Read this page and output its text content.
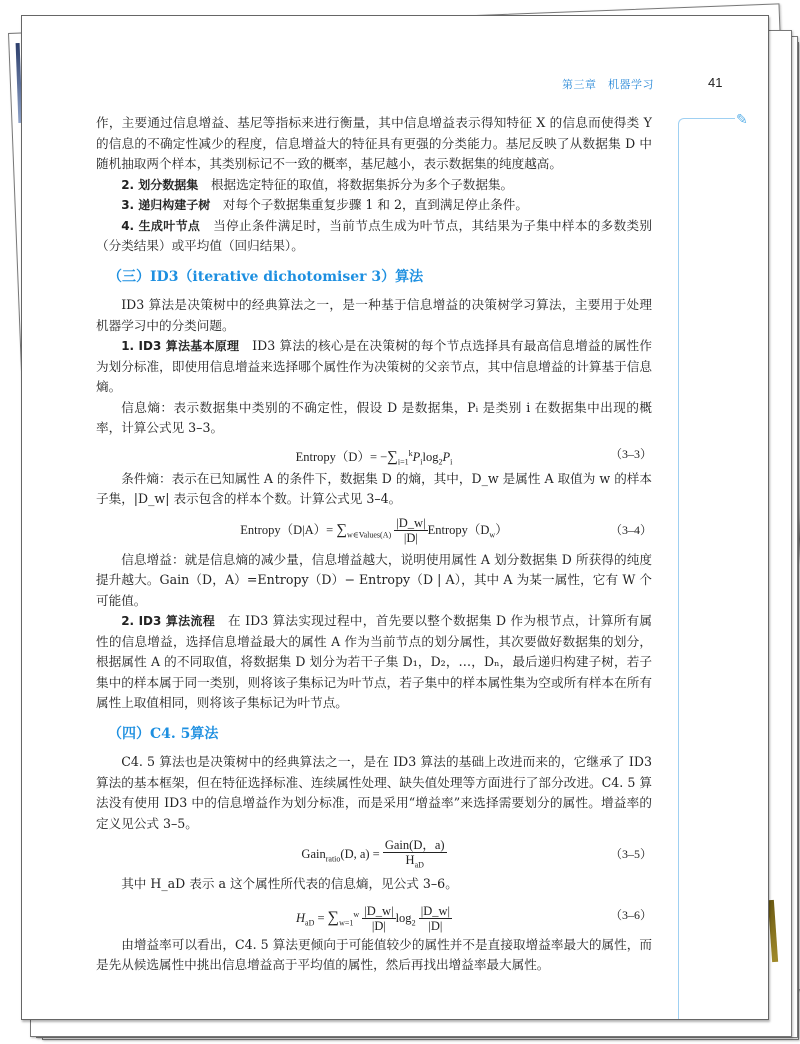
第三章　机器学习	41
✎

作，主要通过信息增益、基尼等指标来进行衡量，其中信息增益表示得知特征 X 的信息而使得类 Y 的信息的不确定性减少的程度，信息增益大的特征具有更强的分类能力。基尼反映了从数据集 D 中随机抽取两个样本，其类别标记不一致的概率，基尼越小，表示数据集的纯度越高。

2. 划分数据集　根据选定特征的取值，将数据集拆分为多个子数据集。

3. 递归构建子树　对每个子数据集重复步骤 1 和 2，直到满足停止条件。

4. 生成叶节点　当停止条件满足时，当前节点生成为叶节点，其结果为子集中样本的多数类别（分类结果）或平均值（回归结果）。

（三）ID3（iterative dichotomiser 3）算法

ID3 算法是决策树中的经典算法之一，是一种基于信息增益的决策树学习算法，主要用于处理机器学习中的分类问题。

1. ID3 算法基本原理　ID3 算法的核心是在决策树的每个节点选择具有最高信息增益的属性作为划分标准，即使用信息增益来选择哪个属性作为决策树的父亲节点，其中信息增益的计算基于信息熵。

信息熵：表示数据集中类别的不确定性，假设 D 是数据集，Pᵢ 是类别 i 在数据集中出现的概率，计算公式见 3–3。

Entropy（D）= $-\sum_{i=1}^kP_i\log_2P_i$
（3–3）

条件熵：表示在已知属性 A 的条件下，数据集 D 的熵，其中，D_w 是属性 A 取值为 w 的样本子集，|D_w| 表示包含的样本个数。计算公式见 3–4。

Entropy（D|A）= $\sum_{w\in Values(A)} \frac{|D\_w|}{|D|}$ $Entropy(D_w)$	（3–4）

信息增益：就是信息熵的减少量，信息增益越大，说明使用属性 A 划分数据集 D 所获得的纯度提升越大。Gain（D，A）=Entropy（D）− Entropy（D | A），其中 A 为某一属性，它有 W 个可能值。

2. ID3 算法流程　在 ID3 算法实现过程中，首先要以整个数据集 D 作为根节点，计算所有属性的信息增益，选择信息增益最大的属性 A 作为当前节点的划分属性，其次要做好数据集的划分，根据属性 A 的不同取值，将数据集 D 划分为若干子集 D₁，D₂，…，Dₙ，最后递归构建子树，若子集中的样本属于同一类别，则将该子集标记为叶节点，若子集中的样本属性集为空或所有样本在所有属性上取值相同，则将该子集标记为叶节点。

（四）C4. 5算法

C4. 5 算法也是决策树中的经典算法之一，是在 ID3 算法的基础上改进而来的，它继承了 ID3 算法的基本框架，但在特征选择标准、连续属性处理、缺失值处理等方面进行了部分改进。C4. 5 算法没有使用 ID3 中的信息增益作为划分标准，而是采用“增益率”来选择需要划分的属性。增益率的定义见公式 3–5。

Gain$_{ratio}$(D, $a) = \frac{\text{Gain(D，a)}}{H_{aD}}$	（3–5）

其中 H_aD 表示 a 这个属性所代表的信息熵，见公式 3–6。

$H_{aD} = \sum_{w=1}^w \frac{|D\_w|}{|D|} \log_2 \frac{|D\_w|}{|D|}$	（3–6）

由增益率可以看出，C4. 5 算法更倾向于可能值较少的属性并不是直接取增益率最大的属性，而是先从候选属性中挑出信息增益高于平均值的属性，然后再找出增益率最大属性。
